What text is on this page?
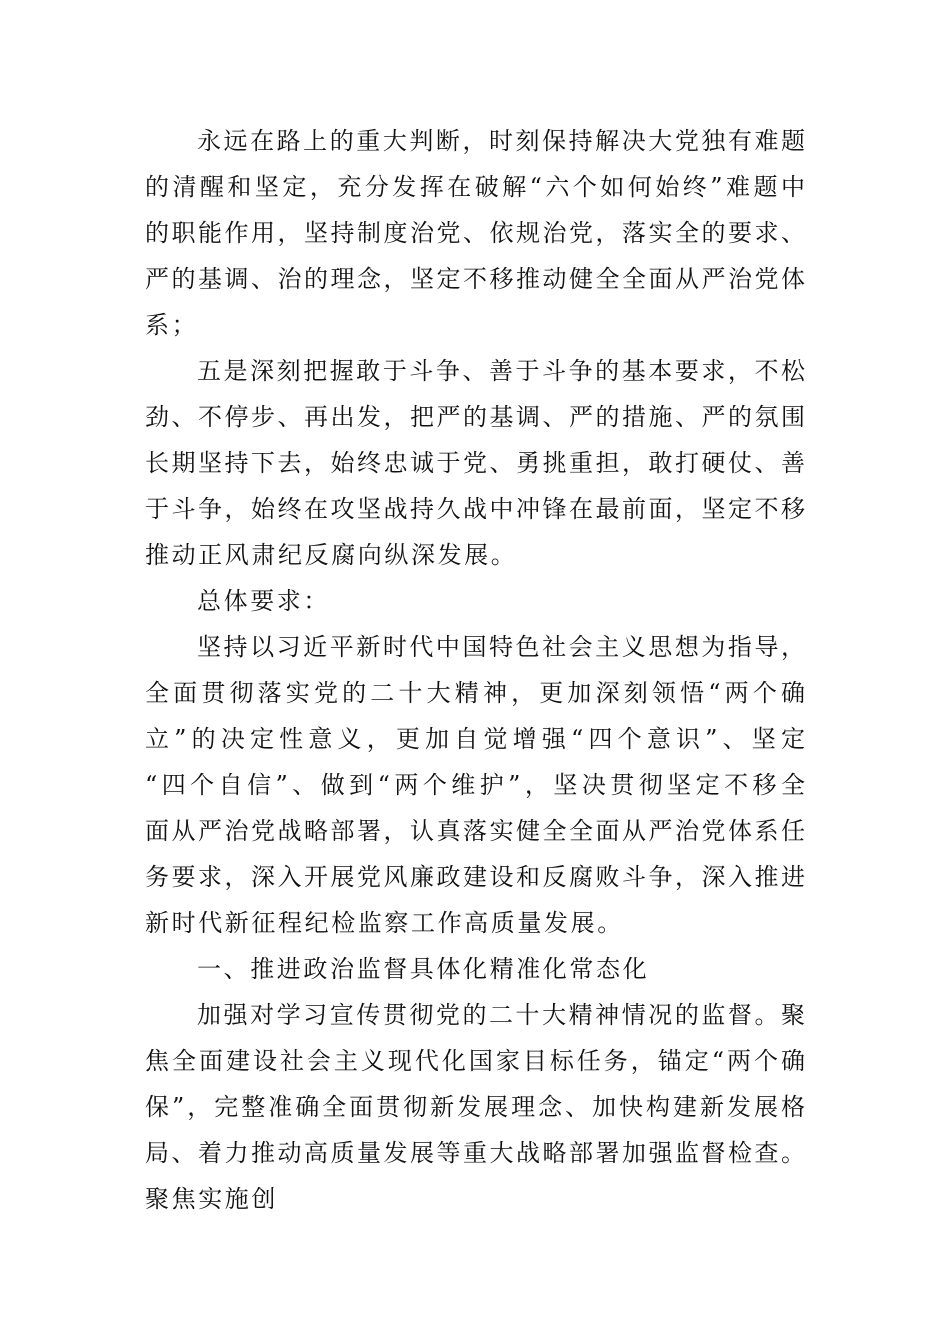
永远在路上的重大判断，时刻保持解决大党独有难题
的清醒和坚定，充分发挥在破解“六个如何始终”难题中
的职能作用，坚持制度治党、依规治党，落实全的要求、
严的基调、治的理念，坚定不移推动健全全面从严治党体
系；
五是深刻把握敢于斗争、善于斗争的基本要求，不松
劲、不停步、再出发，把严的基调、严的措施、严的氛围
长期坚持下去，始终忠诚于党、勇挑重担，敢打硬仗、善
于斗争，始终在攻坚战持久战中冲锋在最前面，坚定不移
推动正风肃纪反腐向纵深发展。
总体要求：
坚持以习近平新时代中国特色社会主义思想为指导，
全面贯彻落实党的二十大精神，更加深刻领悟“两个确
立”的决定性意义，更加自觉增强“四个意识”、坚定
“四个自信”、做到“两个维护”，坚决贯彻坚定不移全
面从严治党战略部署，认真落实健全全面从严治党体系任
务要求，深入开展党风廉政建设和反腐败斗争，深入推进
新时代新征程纪检监察工作高质量发展。
一、推进政治监督具体化精准化常态化
加强对学习宣传贯彻党的二十大精神情况的监督。聚
焦全面建设社会主义现代化国家目标任务，锚定“两个确
保”，完整准确全面贯彻新发展理念、加快构建新发展格
局、着力推动高质量发展等重大战略部署加强监督检查。
聚焦实施创
